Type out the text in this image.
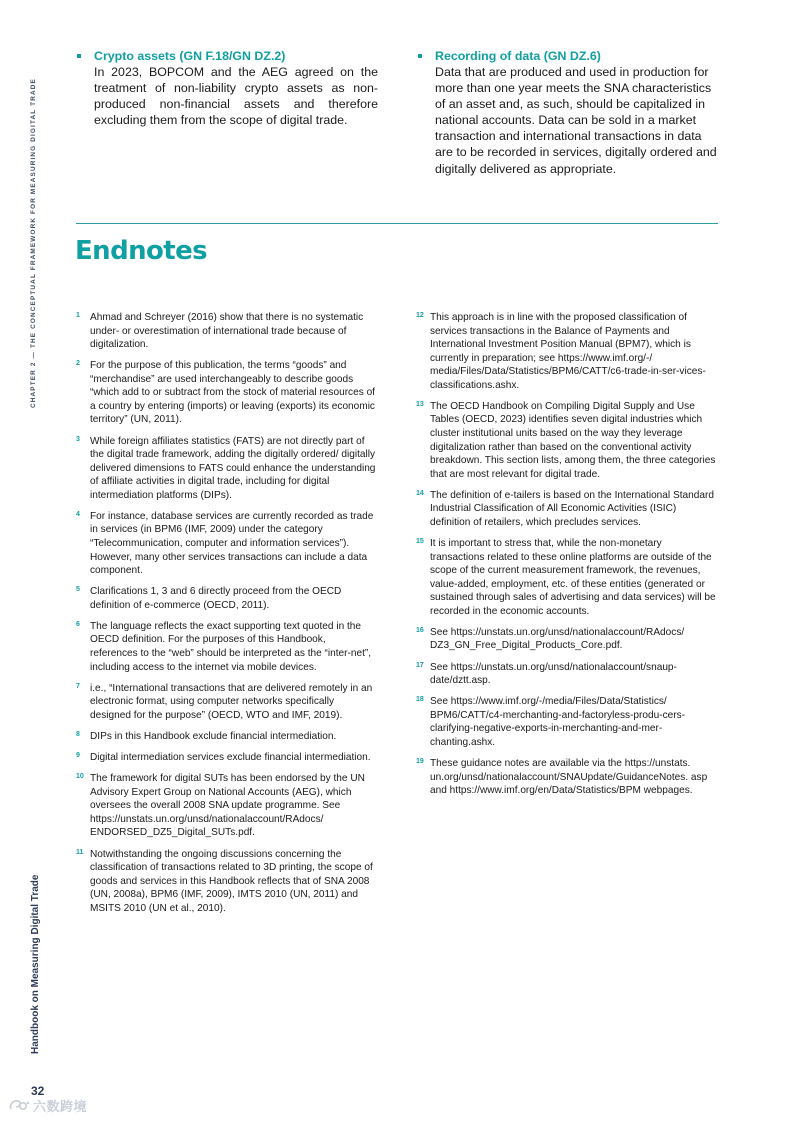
CHAPTER 2 — THE CONCEPTUAL FRAMEWORK FOR MEASURING DIGITAL TRADE
Handbook on Measuring Digital Trade
32
六数跨境
Crypto assets (GN F.18/GN DZ.2)
In 2023, BOPCOM and the AEG agreed on the treatment of non-liability crypto assets as non-produced non-financial assets and therefore excluding them from the scope of digital trade.
Recording of data (GN DZ.6)
Data that are produced and used in production for more than one year meets the SNA characteristics of an asset and, as such, should be capitalized in national accounts. Data can be sold in a market transaction and international transactions in data are to be recorded in services, digitally ordered and digitally delivered as appropriate.
Endnotes
1 Ahmad and Schreyer (2016) show that there is no systematic under- or overestimation of international trade because of digitalization.
2 For the purpose of this publication, the terms “goods” and “merchandise” are used interchangeably to describe goods “which add to or subtract from the stock of material resources of a country by entering (imports) or leaving (exports) its economic territory” (UN, 2011).
3 While foreign affiliates statistics (FATS) are not directly part of the digital trade framework, adding the digitally ordered/ digitally delivered dimensions to FATS could enhance the understanding of affiliate activities in digital trade, including for digital intermediation platforms (DIPs).
4 For instance, database services are currently recorded as trade in services (in BPM6 (IMF, 2009) under the category “Telecommunication, computer and information services”). However, many other services transactions can include a data component.
5 Clarifications 1, 3 and 6 directly proceed from the OECD definition of e-commerce (OECD, 2011).
6 The language reflects the exact supporting text quoted in the OECD definition. For the purposes of this Handbook, references to the “web” should be interpreted as the “inter-net”, including access to the internet via mobile devices.
7 i.e., “International transactions that are delivered remotely in an electronic format, using computer networks specifically designed for the purpose” (OECD, WTO and IMF, 2019).
8 DIPs in this Handbook exclude financial intermediation.
9 Digital intermediation services exclude financial intermediation.
10 The framework for digital SUTs has been endorsed by the UN Advisory Expert Group on National Accounts (AEG), which oversees the overall 2008 SNA update programme. See https://unstats.un.org/unsd/nationalaccount/RAdocs/ ENDORSED_DZ5_Digital_SUTs.pdf.
11 Notwithstanding the ongoing discussions concerning the classification of transactions related to 3D printing, the scope of goods and services in this Handbook reflects that of SNA 2008 (UN, 2008a), BPM6 (IMF, 2009), IMTS 2010 (UN, 2011) and MSITS 2010 (UN et al., 2010).
12 This approach is in line with the proposed classification of services transactions in the Balance of Payments and International Investment Position Manual (BPM7), which is currently in preparation; see https://www.imf.org/-/ media/Files/Data/Statistics/BPM6/CATT/c6-trade-in-ser-vices-classifications.ashx.
13 The OECD Handbook on Compiling Digital Supply and Use Tables (OECD, 2023) identifies seven digital industries which cluster institutional units based on the way they leverage digitalization rather than based on the conventional activity breakdown. This section lists, among them, the three categories that are most relevant for digital trade.
14 The definition of e-tailers is based on the International Standard Industrial Classification of All Economic Activities (ISIC) definition of retailers, which precludes services.
15 It is important to stress that, while the non-monetary transactions related to these online platforms are outside of the scope of the current measurement framework, the revenues, value-added, employment, etc. of these entities (generated or sustained through sales of advertising and data services) will be recorded in the economic accounts.
16 See https://unstats.un.org/unsd/nationalaccount/RAdocs/ DZ3_GN_Free_Digital_Products_Core.pdf.
17 See https://unstats.un.org/unsd/nationalaccount/snaup-date/dztt.asp.
18 See https://www.imf.org/-/media/Files/Data/Statistics/ BPM6/CATT/c4-merchanting-and-factoryless-produ-cers-clarifying-negative-exports-in-merchanting-and-mer-chanting.ashx.
19 These guidance notes are available via the https://unstats. un.org/unsd/nationalaccount/SNAUpdate/GuidanceNotes. asp and https://www.imf.org/en/Data/Statistics/BPM webpages.
